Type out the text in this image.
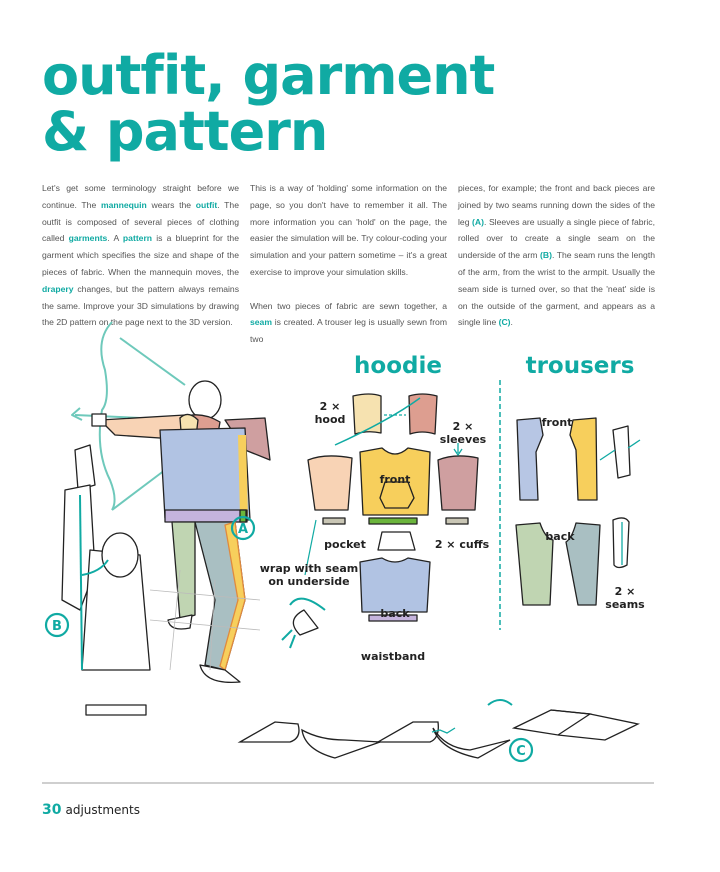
outfit, garment
& pattern

Let's get some terminology straight before we continue. The mannequin wears the outfit. The outfit is composed of several pieces of clothing called garments. A pattern is a blueprint for the garment which specifies the size and shape of the pieces of fabric. When the mannequin moves, the drapery changes, but the pattern always remains the same. Improve your 3D simulations by drawing the 2D pattern on the page next to the 3D version.

This is a way of 'holding' some information on the page, so you don't have to remember it all. The more information you can 'hold' on the page, the easier the simulation will be. Try colour-coding your simulation and your pattern sometime – it's a great exercise to improve your simulation skills.

When two pieces of fabric are sewn together, a seam is created. A trouser leg is usually sewn from two

pieces, for example; the front and back pieces are joined by two seams running down the sides of the leg (A). Sleeves are usually a single piece of fabric, rolled over to create a single seam on the underside of the arm (B). The seam runs the length of the arm, from the wrist to the armpit. Usually the seam side is turned over, so that the 'neat' side is on the outside of the garment, and appears as a single line (C).

A
B
C
hoodie
2 ×
hood
2 ×
sleeves
front
pocket	2 × cuffs
wrap with seam
on underside
back
waistband
trousers
front
back
2 ×
seams
30 adjustments
